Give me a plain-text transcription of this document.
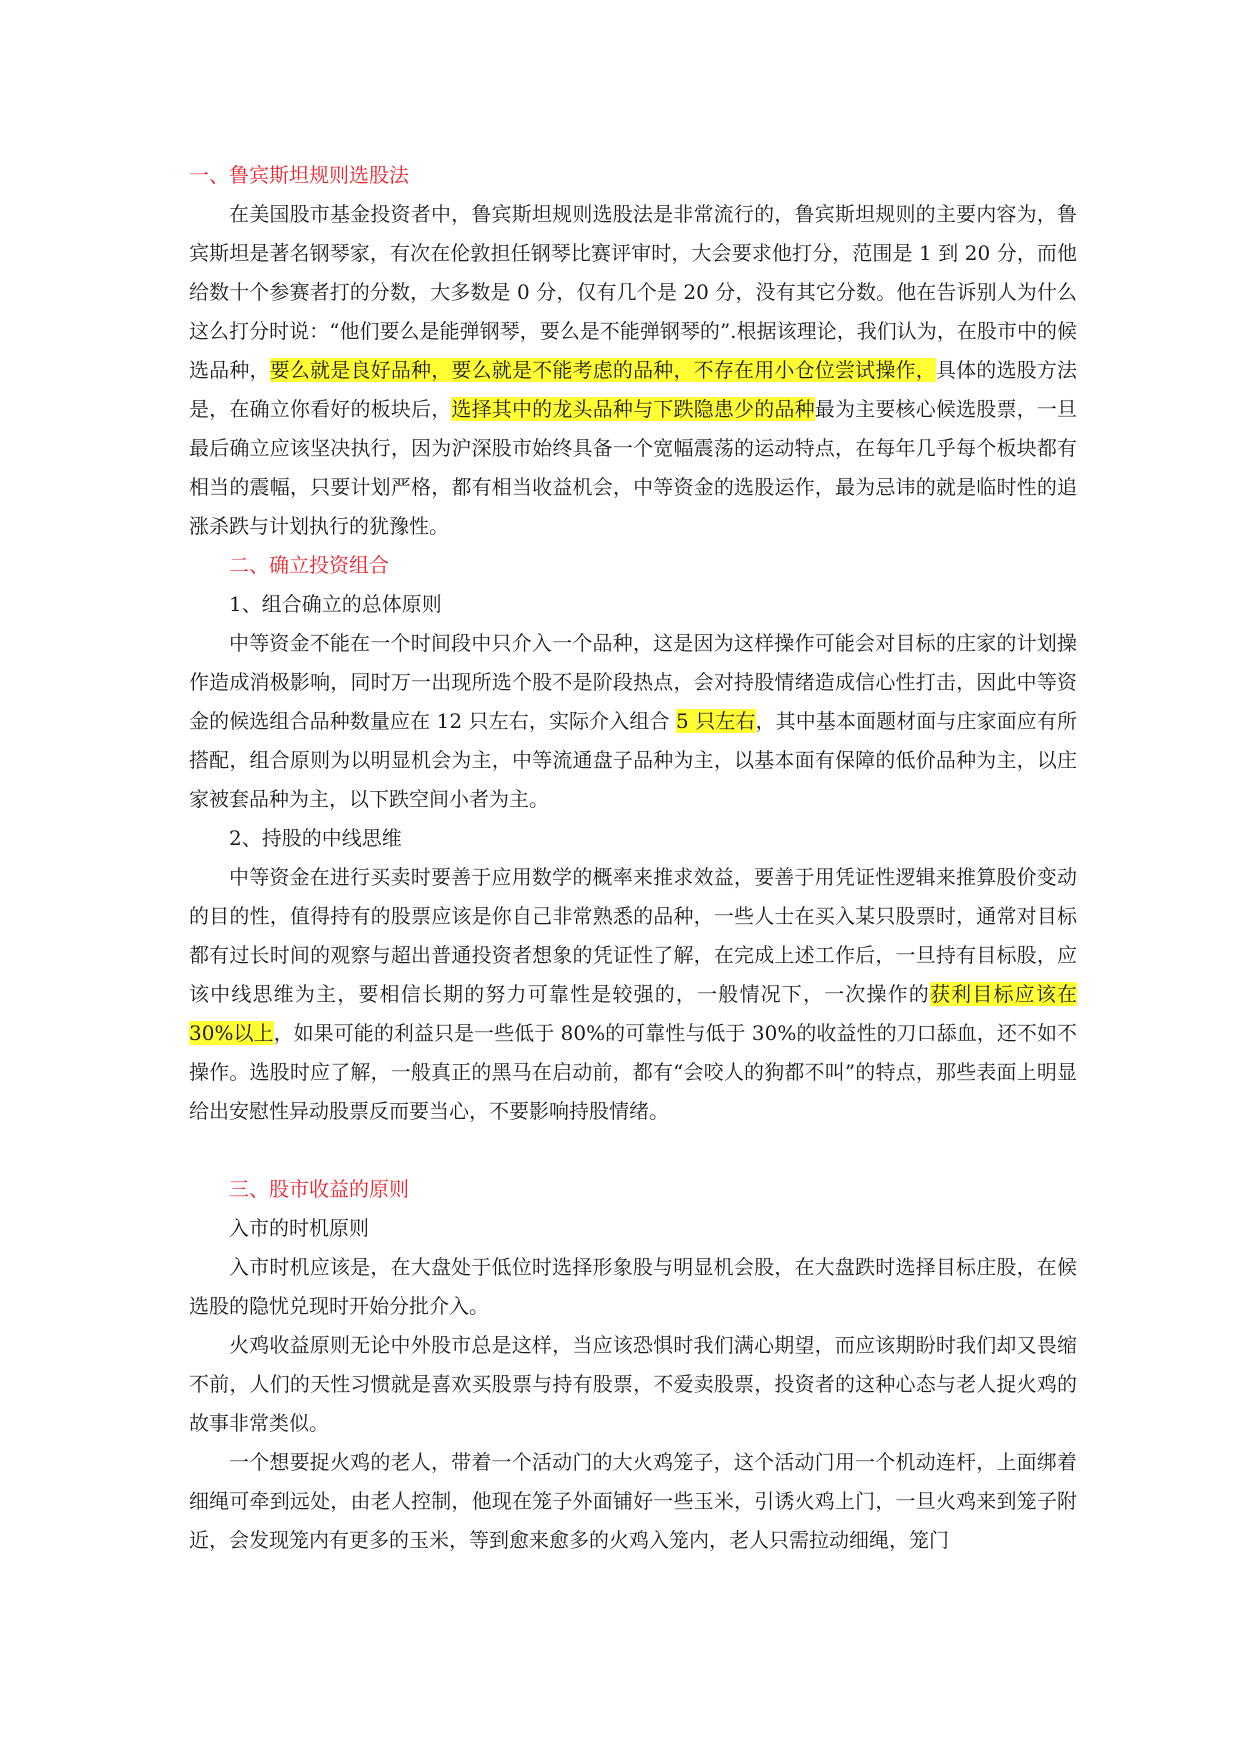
一、鲁宾斯坦规则选股法

在美国股市基金投资者中，鲁宾斯坦规则选股法是非常流行的，鲁宾斯坦规则的主要内容为，鲁宾斯坦是著名钢琴家，有次在伦敦担任钢琴比赛评审时，大会要求他打分，范围是 1 到 20 分，而他给数十个参赛者打的分数，大多数是 0 分，仅有几个是 20 分，没有其它分数。他在告诉别人为什么这么打分时说：“他们要么是能弹钢琴，要么是不能弹钢琴的”.根据该理论，我们认为，在股市中的候选品种，要么就是良好品种，要么就是不能考虑的品种，不存在用小仓位尝试操作，具体的选股方法是，在确立你看好的板块后，选择其中的龙头品种与下跌隐患少的品种最为主要核心候选股票，一旦最后确立应该坚决执行，因为沪深股市始终具备一个宽幅震荡的运动特点，在每年几乎每个板块都有相当的震幅，只要计划严格，都有相当收益机会，中等资金的选股运作，最为忌讳的就是临时性的追涨杀跌与计划执行的犹豫性。

二、确立投资组合
1、组合确立的总体原则

中等资金不能在一个时间段中只介入一个品种，这是因为这样操作可能会对目标的庄家的计划操作造成消极影响，同时万一出现所选个股不是阶段热点，会对持股情绪造成信心性打击，因此中等资金的候选组合品种数量应在 12 只左右，实际介入组合 5 只左右，其中基本面题材面与庄家面应有所搭配，组合原则为以明显机会为主，中等流通盘子品种为主，以基本面有保障的低价品种为主，以庄家被套品种为主，以下跌空间小者为主。

2、持股的中线思维

中等资金在进行买卖时要善于应用数学的概率来推求效益，要善于用凭证性逻辑来推算股价变动的目的性，值得持有的股票应该是你自己非常熟悉的品种，一些人士在买入某只股票时，通常对目标都有过长时间的观察与超出普通投资者想象的凭证性了解，在完成上述工作后，一旦持有目标股，应该中线思维为主，要相信长期的努力可靠性是较强的，一般情况下，一次操作的获利目标应该在 30%以上，如果可能的利益只是一些低于 80%的可靠性与低于 30%的收益性的刀口舔血，还不如不操作。选股时应了解，一般真正的黑马在启动前，都有“会咬人的狗都不叫”的特点，那些表面上明显给出安慰性异动股票反而要当心，不要影响持股情绪。

三、股市收益的原则
入市的时机原则

入市时机应该是，在大盘处于低位时选择形象股与明显机会股，在大盘跌时选择目标庄股，在候选股的隐忧兑现时开始分批介入。

火鸡收益原则无论中外股市总是这样，当应该恐惧时我们满心期望，而应该期盼时我们却又畏缩不前，人们的天性习惯就是喜欢买股票与持有股票，不爱卖股票，投资者的这种心态与老人捉火鸡的故事非常类似。

一个想要捉火鸡的老人，带着一个活动门的大火鸡笼子，这个活动门用一个机动连杆，上面绑着细绳可牵到远处，由老人控制，他现在笼子外面铺好一些玉米，引诱火鸡上门，一旦火鸡来到笼子附近，会发现笼内有更多的玉米，等到愈来愈多的火鸡入笼内，老人只需拉动细绳，笼门
